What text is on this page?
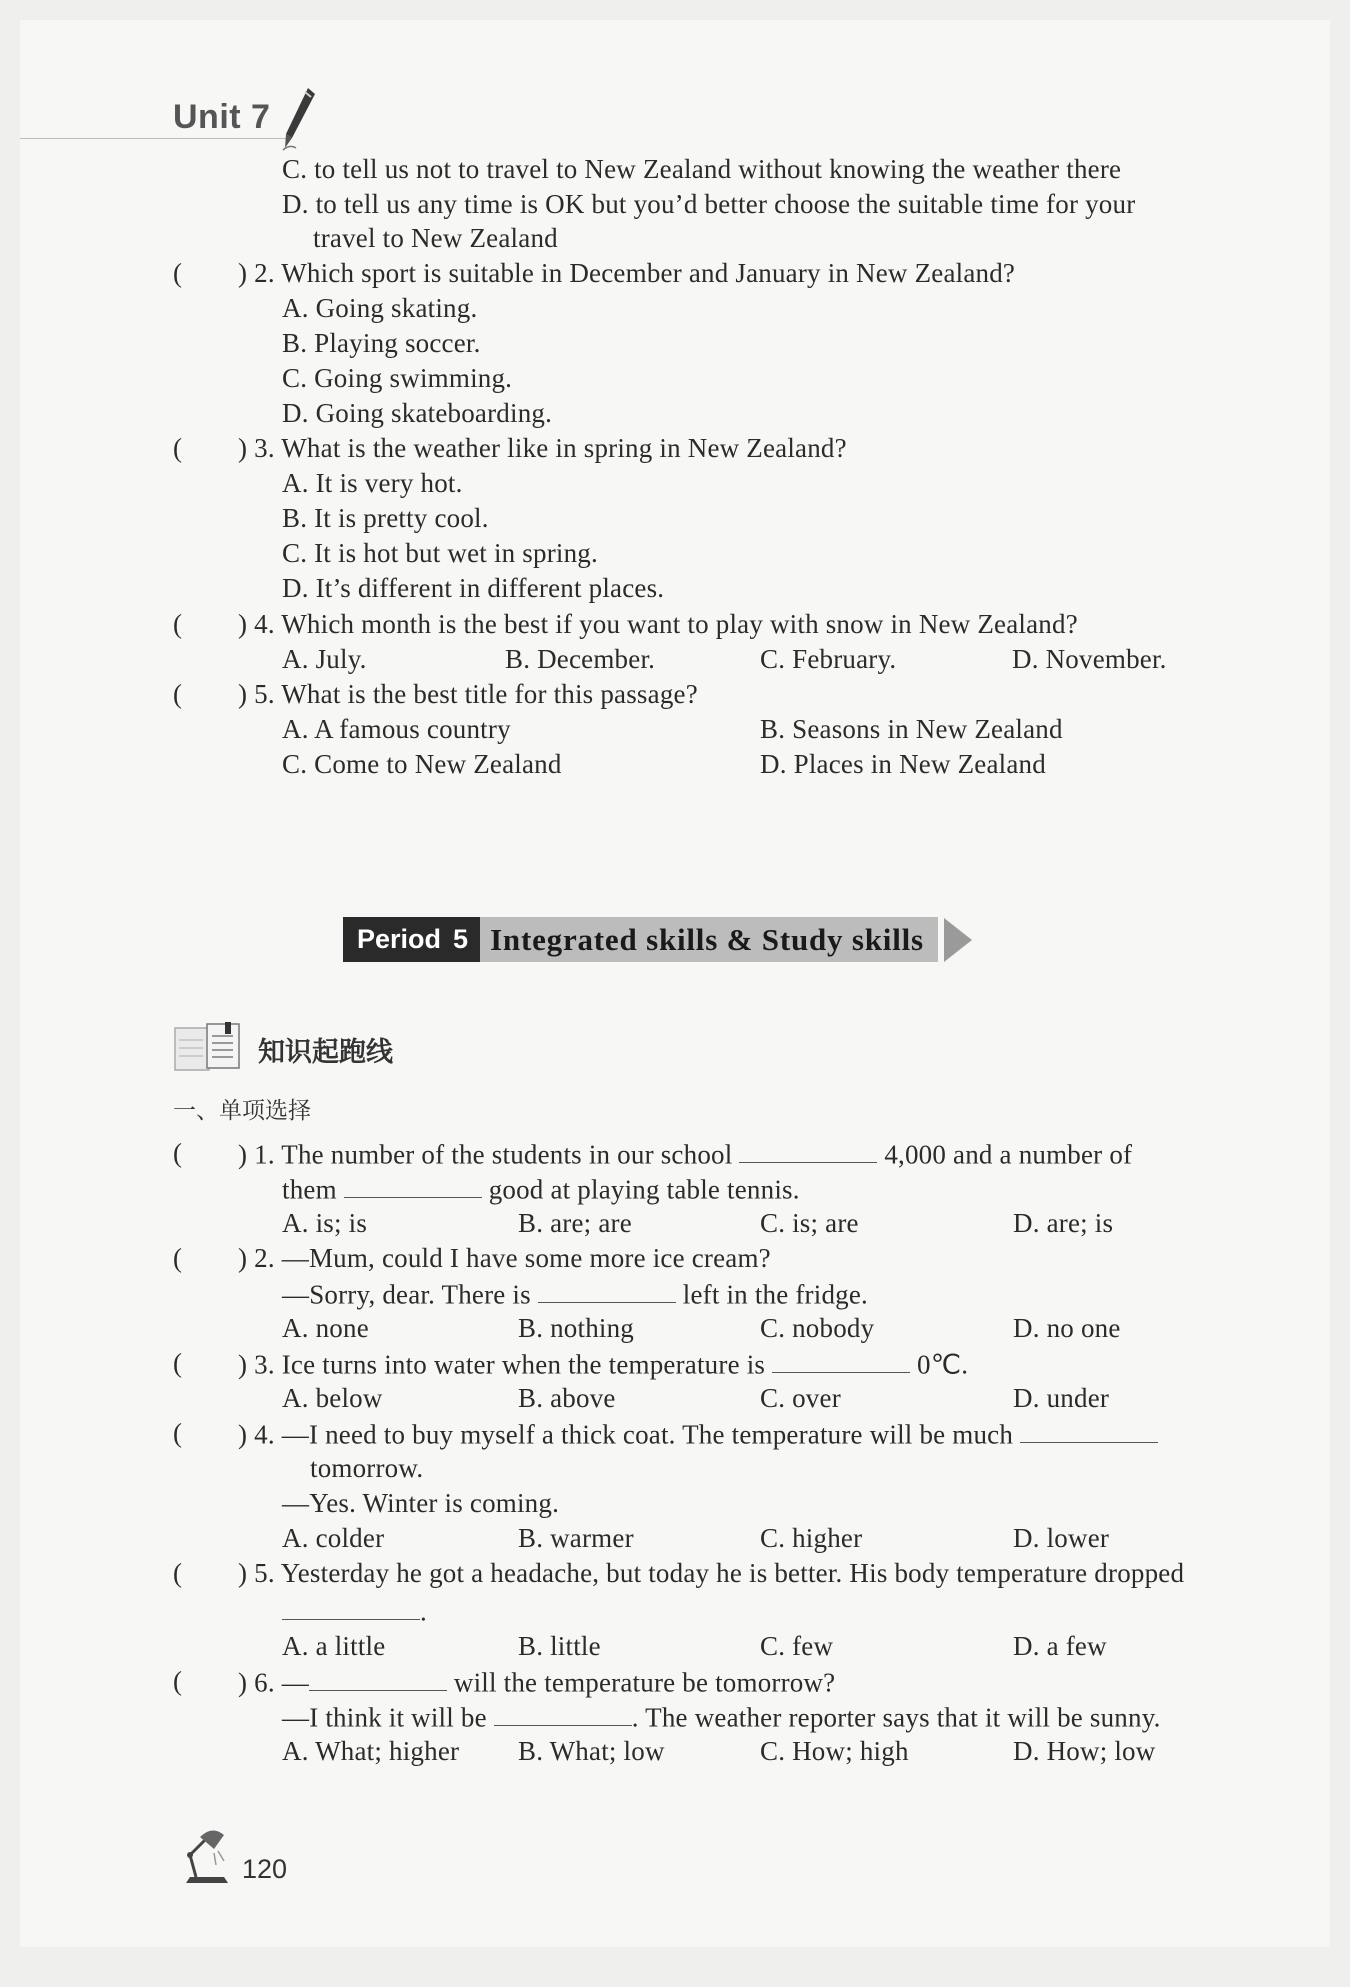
Unit 7
C. to tell us not to travel to New Zealand without knowing the weather there
D. to tell us any time is OK but you’d better choose the suitable time for your
travel to New Zealand
( ) 2. Which sport is suitable in December and January in New Zealand?
A. Going skating.
B. Playing soccer.
C. Going swimming.
D. Going skateboarding.
( ) 3. What is the weather like in spring in New Zealand?
A. It is very hot.
B. It is pretty cool.
C. It is hot but wet in spring.
D. It’s different in different places.
( ) 4. Which month is the best if you want to play with snow in New Zealand?
A. July.	B. December.	C. February.	D. November.
( ) 5. What is the best title for this passage?
A. A famous country	B. Seasons in New Zealand
C. Come to New Zealand	D. Places in New Zealand
Period 5 Integrated skills & Study skills
知识起跑线
一、单项选择
( ) 1. The number of the students in our school	4,000 and a number of
them	good at playing table tennis.
A. is; is	B. are; are	C. is; are	D. are; is
( ) 2. —Mum, could I have some more ice cream?
—Sorry, dear. There is	left in the fridge.
A. none	B. nothing	C. nobody	D. no one
( ) 3. Ice turns into water when the temperature is	0℃.
A. below	B. above	C. over	D. under
( ) 4. —I need to buy myself a thick coat. The temperature will be much
tomorrow.
—Yes. Winter is coming.
A. colder	B. warmer	C. higher	D. lower
( ) 5. Yesterday he got a headache, but today he is better. His body temperature dropped
.
A. a little	B. little	C. few	D. a few
( ) 6. —	will the temperature be tomorrow?
—I think it will be	. The weather reporter says that it will be sunny.
A. What; higher B. What; low	C. How; high	D. How; low
120
